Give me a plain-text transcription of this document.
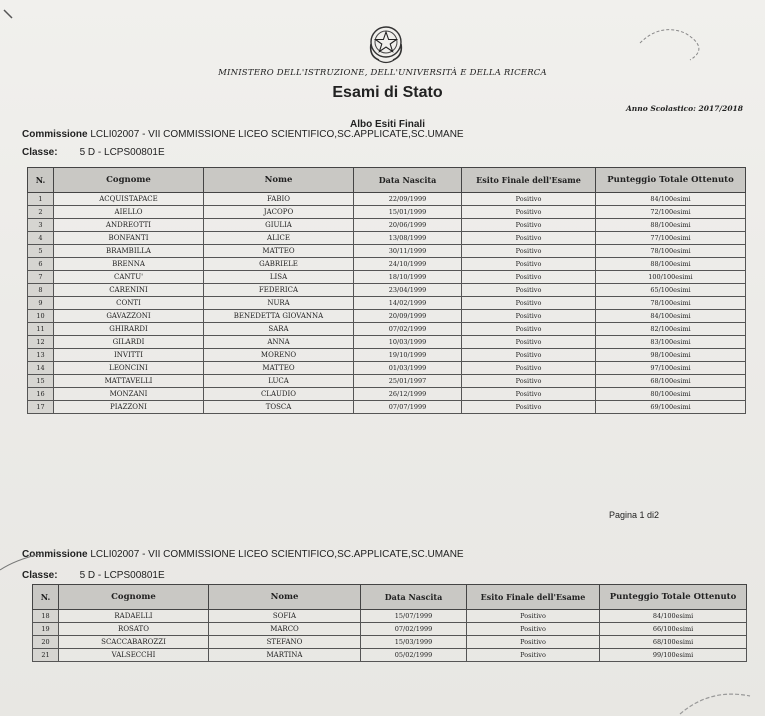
MINISTERO DELL'ISTRUZIONE, DELL'UNIVERSITÀ E DELLA RICERCA
Esami di Stato
Anno Scolastico: 2017/2018
Albo Esiti Finali
Commissione LCLI02007 - VII COMMISSIONE LICEO SCIENTIFICO,SC.APPLICATE,SC.UMANE
Classe: 5 D - LCPS00801E
N.	Cognome	Nome	Data Nascita	Esito Finale dell'Esame	Punteggio Totale Ottenuto
1	ACQUISTAPACE	FABIO	22/09/1999	Positivo	84/100esimi
2	AIELLO	JACOPO	15/01/1999	Positivo	72/100esimi
3	ANDREOTTI	GIULIA	20/06/1999	Positivo	88/100esimi
4	BONFANTI	ALICE	13/08/1999	Positivo	77/100esimi
5	BRAMBILLA	MATTEO	30/11/1999	Positivo	78/100esimi
6	BRENNA	GABRIELE	24/10/1999	Positivo	88/100esimi
7	CANTU'	LISA	18/10/1999	Positivo	100/100esimi
8	CARENINI	FEDERICA	23/04/1999	Positivo	65/100esimi
9	CONTI	NURA	14/02/1999	Positivo	78/100esimi
10	GAVAZZONI	BENEDETTA GIOVANNA	20/09/1999	Positivo	84/100esimi
11	GHIRARDI	SARA	07/02/1999	Positivo	82/100esimi
12	GILARDI	ANNA	10/03/1999	Positivo	83/100esimi
13	INVITTI	MORENO	19/10/1999	Positivo	98/100esimi
14	LEONCINI	MATTEO	01/03/1999	Positivo	97/100esimi
15	MATTAVELLI	LUCA	25/01/1997	Positivo	68/100esimi
16	MONZANI	CLAUDIO	26/12/1999	Positivo	80/100esimi
17	PIAZZONI	TOSCA	07/07/1999	Positivo	69/100esimi
Pagina 1 di2
Commissione LCLI02007 - VII COMMISSIONE LICEO SCIENTIFICO,SC.APPLICATE,SC.UMANE
Classe: 5 D - LCPS00801E
N.	Cognome	Nome	Data Nascita	Esito Finale dell'Esame	Punteggio Totale Ottenuto
18	RADAELLI	SOFIA	15/07/1999	Positivo	84/100esimi
19	ROSATO	MARCO	07/02/1999	Positivo	66/100esimi
20	SCACCABAROZZI	STEFANO	15/03/1999	Positivo	68/100esimi
21	VALSECCHI	MARTINA	05/02/1999	Positivo	99/100esimi
